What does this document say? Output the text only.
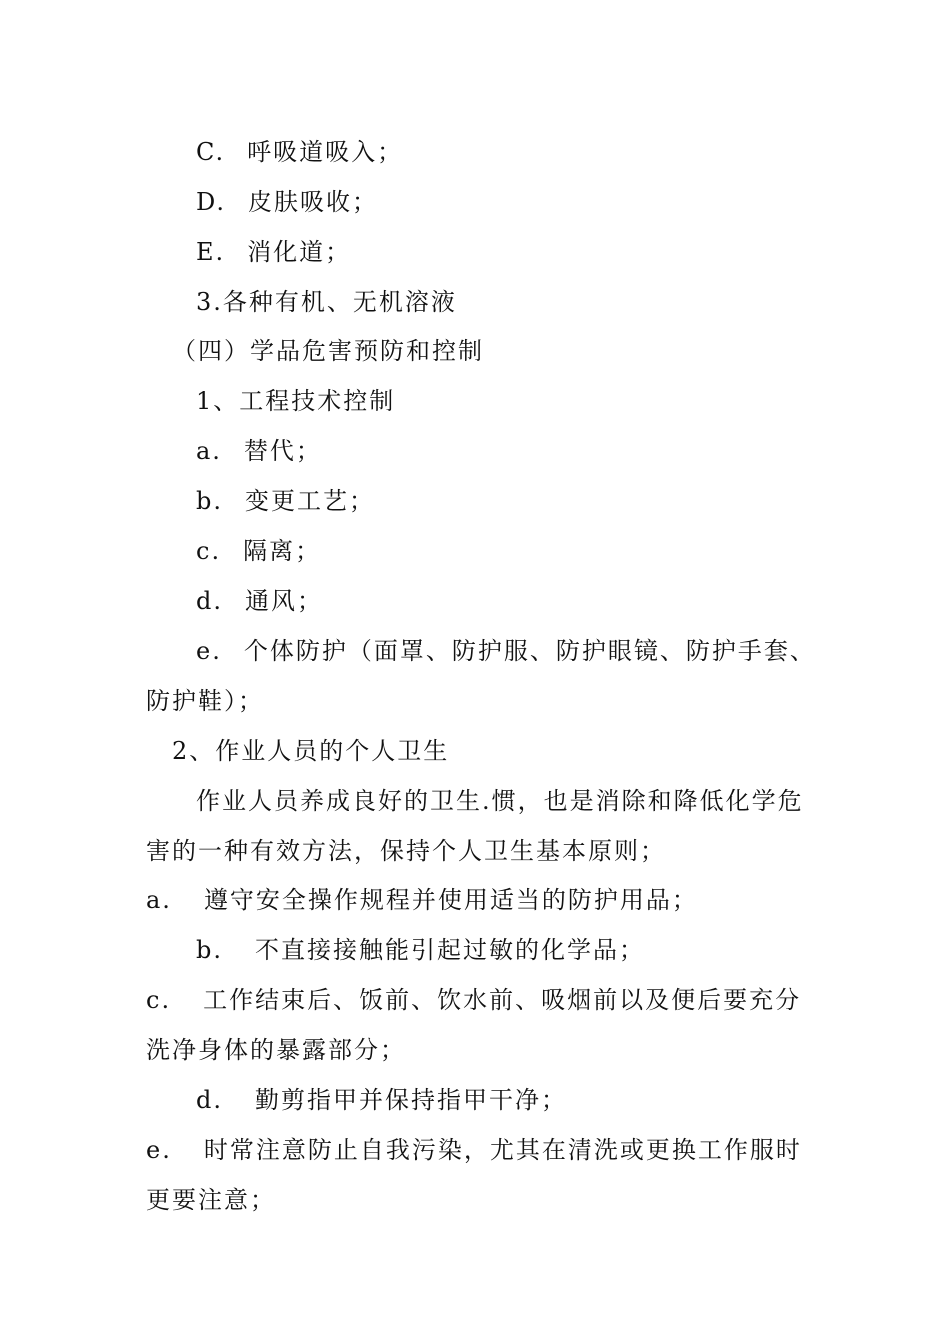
C. 呼吸道吸入；
D. 皮肤吸收；
E. 消化道；
3.各种有机、无机溶液
（四）学品危害预防和控制
1、工程技术控制
a. 替代；
b. 变更工艺；
c. 隔离；
d. 通风；
e. 个体防护（面罩、防护服、防护眼镜、防护手套、
防护鞋）；
2、作业人员的个人卫生
作业人员养成良好的卫生.惯，也是消除和降低化学危
害的一种有效方法，保持个人卫生基本原则；
a. 遵守安全操作规程并使用适当的防护用品；
b. 不直接接触能引起过敏的化学品；
c. 工作结束后、饭前、饮水前、吸烟前以及便后要充分
洗净身体的暴露部分；
d. 勤剪指甲并保持指甲干净；
e. 时常注意防止自我污染，尤其在清洗或更换工作服时
更要注意；
